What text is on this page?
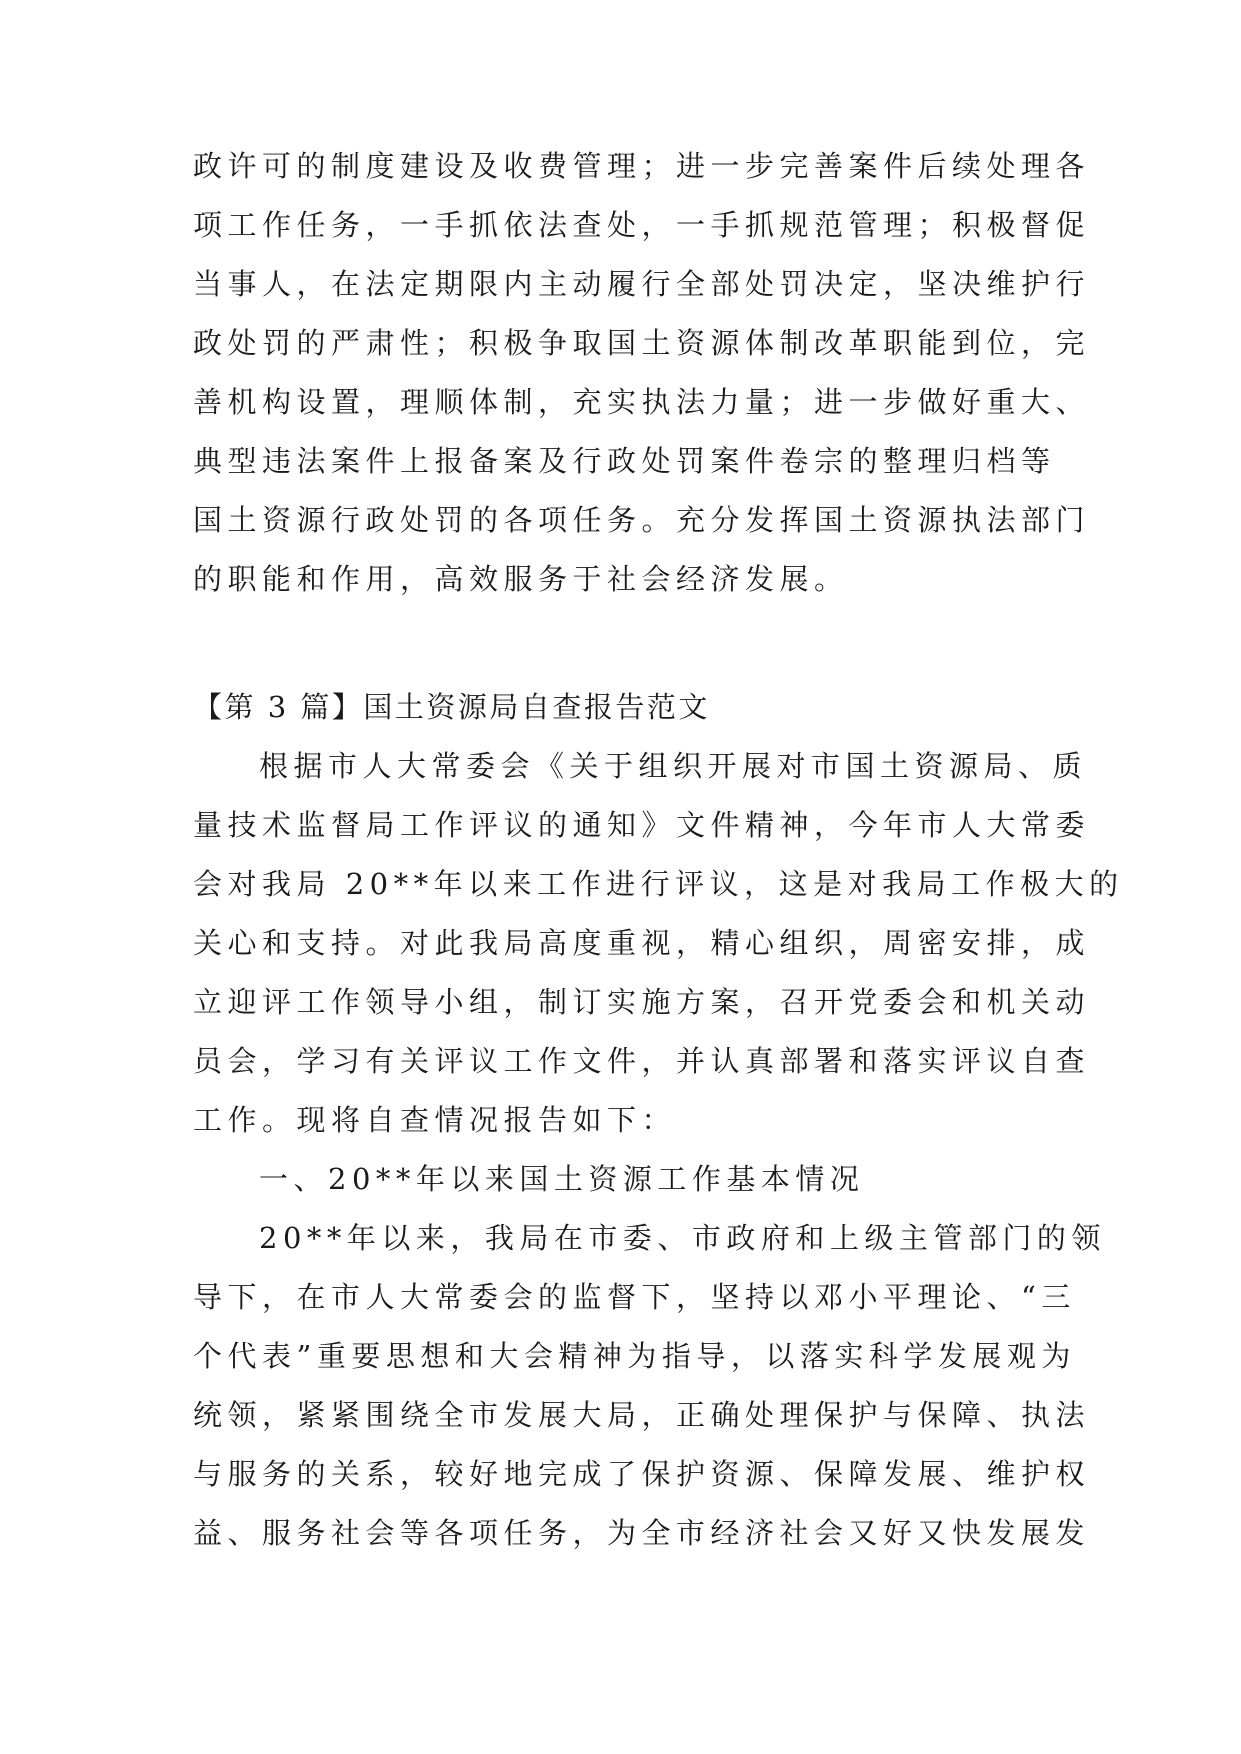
政许可的制度建设及收费管理；进一步完善案件后续处理各
项工作任务，一手抓依法查处，一手抓规范管理；积极督促
当事人，在法定期限内主动履行全部处罚决定，坚决维护行
政处罚的严肃性；积极争取国土资源体制改革职能到位，完
善机构设置，理顺体制，充实执法力量；进一步做好重大、
典型违法案件上报备案及行政处罚案件卷宗的整理归档等
国土资源行政处罚的各项任务。充分发挥国土资源执法部门
的职能和作用，高效服务于社会经济发展。
【第 3 篇】国土资源局自查报告范文
根据市人大常委会《关于组织开展对市国土资源局、质
量技术监督局工作评议的通知》文件精神，今年市人大常委
会对我局 20**年以来工作进行评议，这是对我局工作极大的
关心和支持。对此我局高度重视，精心组织，周密安排，成
立迎评工作领导小组，制订实施方案，召开党委会和机关动
员会，学习有关评议工作文件，并认真部署和落实评议自查
工作。现将自查情况报告如下：
一、20**年以来国土资源工作基本情况
20**年以来，我局在市委、市政府和上级主管部门的领
导下，在市人大常委会的监督下，坚持以邓小平理论、“三
个代表”重要思想和大会精神为指导，以落实科学发展观为
统领，紧紧围绕全市发展大局，正确处理保护与保障、执法
与服务的关系，较好地完成了保护资源、保障发展、维护权
益、服务社会等各项任务，为全市经济社会又好又快发展发
